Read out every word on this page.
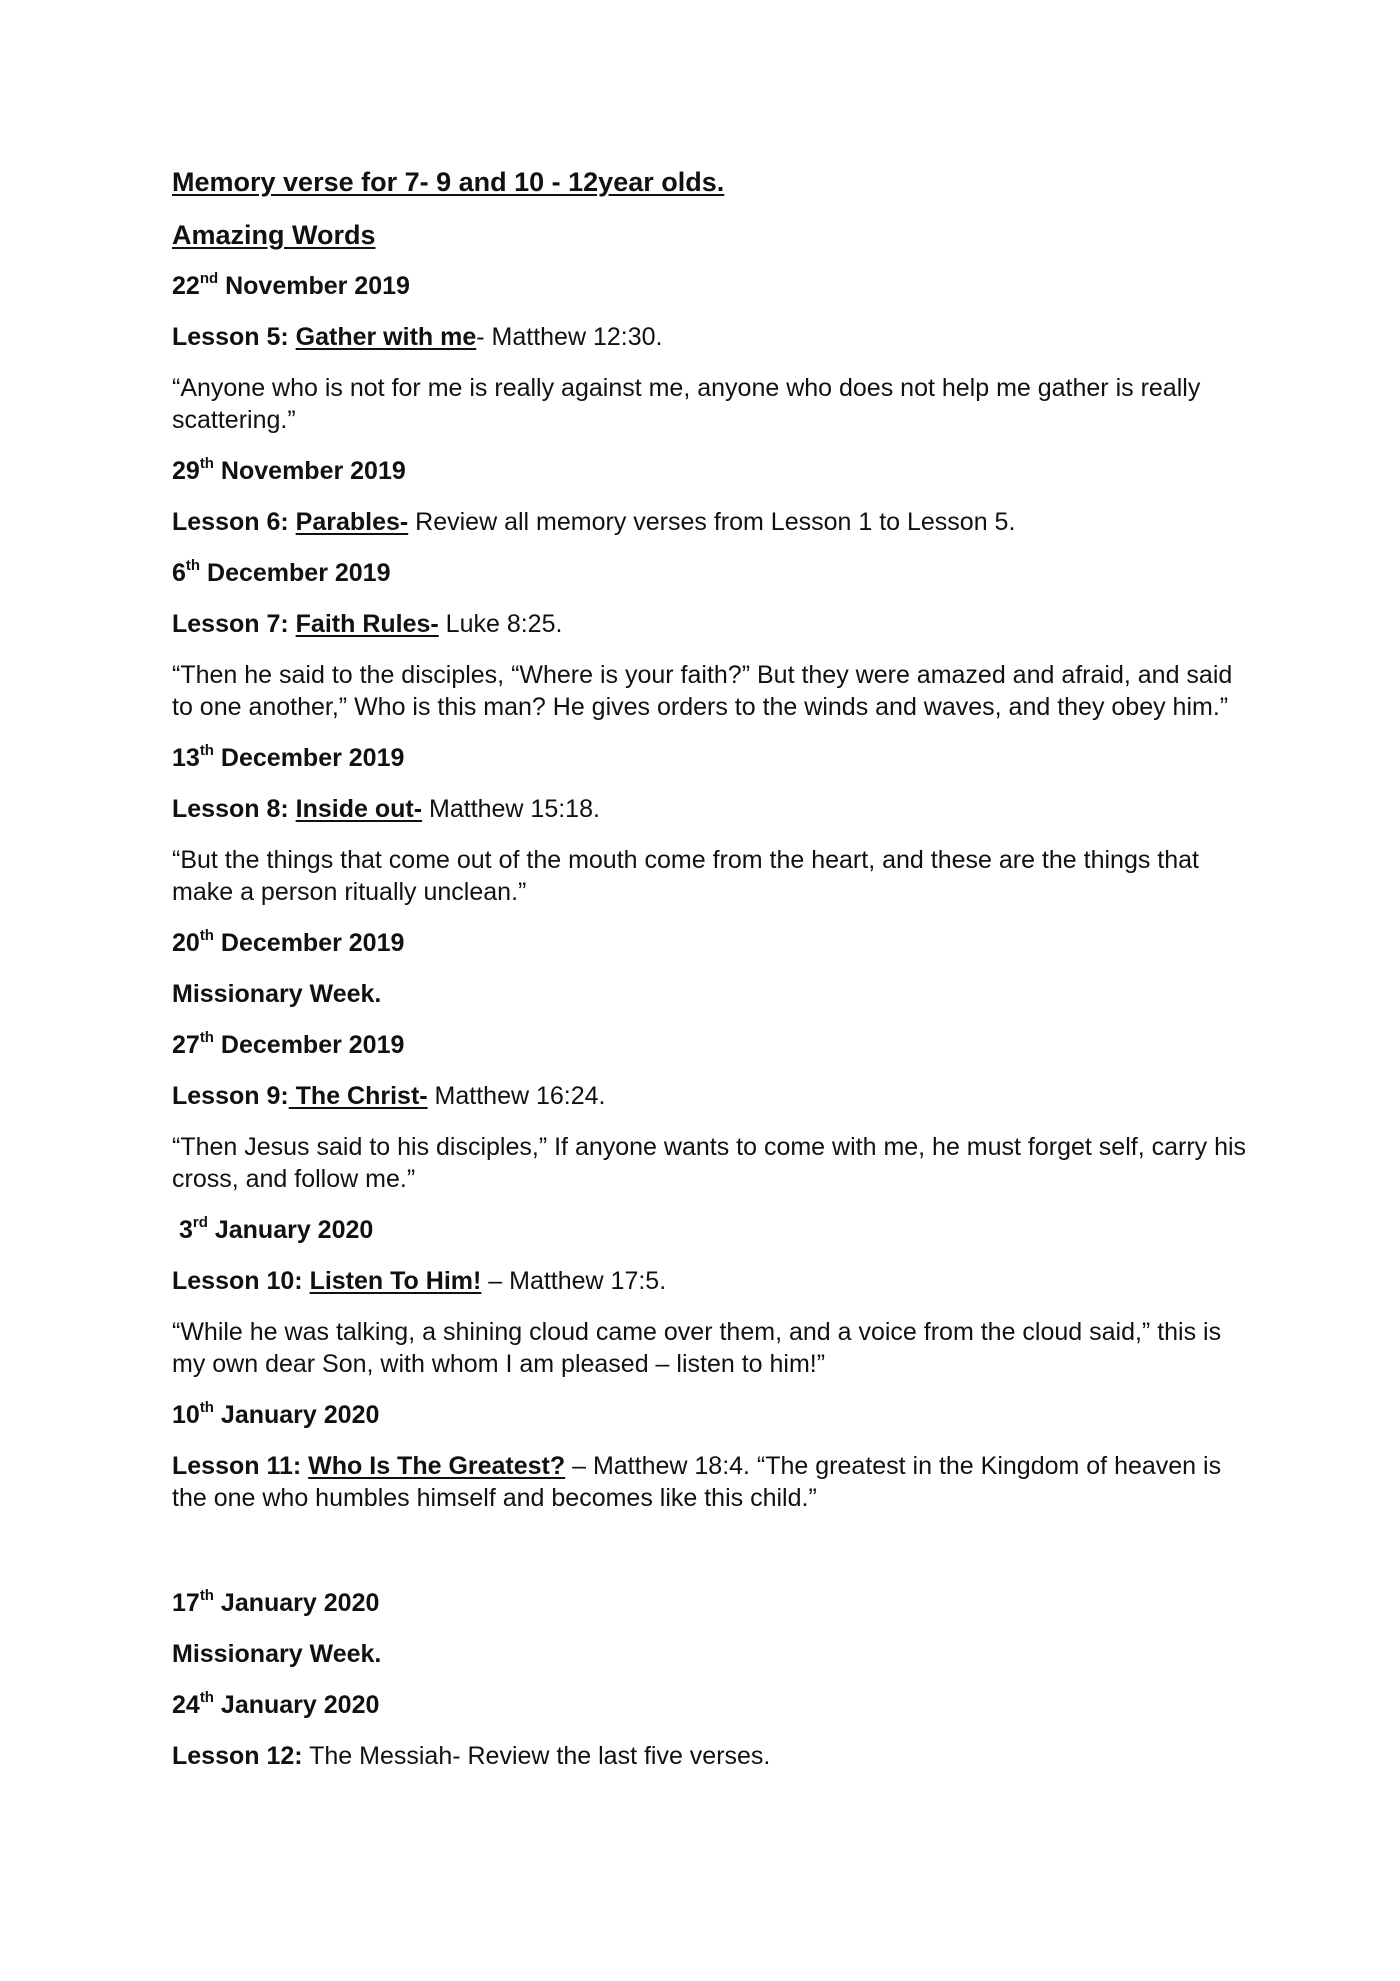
Memory verse for 7- 9 and 10 - 12year olds.
Amazing Words
22nd November 2019
Lesson 5: Gather with me- Matthew 12:30.
“Anyone who is not for me is really against me, anyone who does not help me gather is really scattering.”
29th November 2019
Lesson 6: Parables- Review all memory verses from Lesson 1 to Lesson 5.
6th December 2019
Lesson 7: Faith Rules- Luke 8:25.
“Then he said to the disciples, “Where is your faith?” But they were amazed and afraid, and said to one another,” Who is this man? He gives orders to the winds and waves, and they obey him.”
13th December 2019
Lesson 8: Inside out- Matthew 15:18.
“But the things that come out of the mouth come from the heart, and these are the things that make a person ritually unclean.”
20th December 2019
Missionary Week.
27th December 2019
Lesson 9: The Christ- Matthew 16:24.
“Then Jesus said to his disciples,” If anyone wants to come with me, he must forget self, carry his cross, and follow me.”
3rd January 2020
Lesson 10: Listen To Him! – Matthew 17:5.
“While he was talking, a shining cloud came over them, and a voice from the cloud said,” this is my own dear Son, with whom I am pleased – listen to him!”
10th January 2020
Lesson 11: Who Is The Greatest? – Matthew 18:4. “The greatest in the Kingdom of heaven is the one who humbles himself and becomes like this child.”
17th January 2020
Missionary Week.
24th January 2020
Lesson 12: The Messiah- Review the last five verses.
